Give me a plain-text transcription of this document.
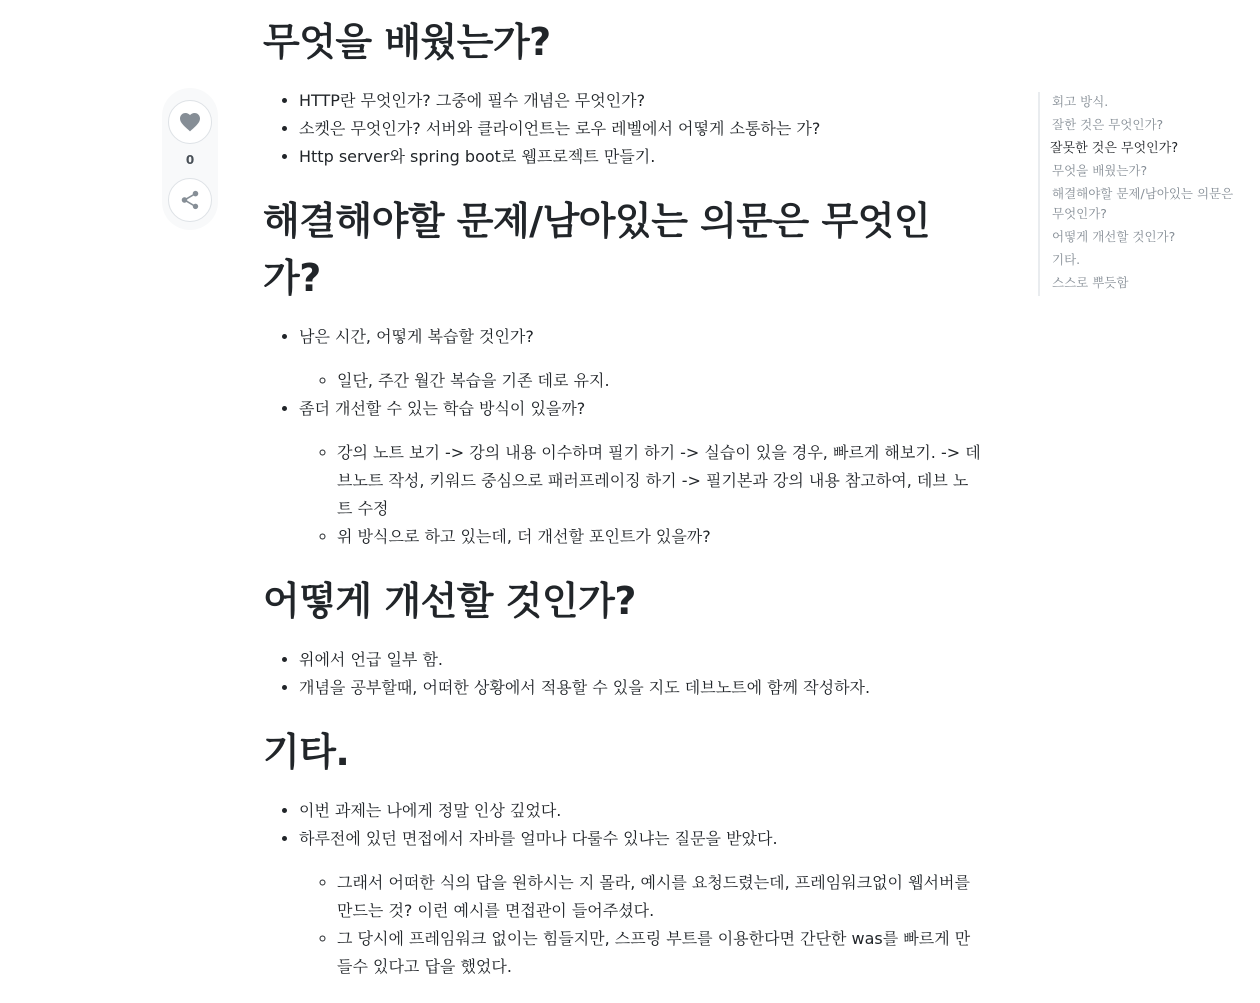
0
무엇을 배웠는가?
• HTTP란 무엇인가? 그중에 필수 개념은 무엇인가?
• 소켓은 무엇인가? 서버와 클라이언트는 로우 레벨에서 어떻게 소통하는 가?
• Http server와 spring boot로 웹프로젝트 만들기.
해결해야할 문제/남아있는 의문은 무엇인가?
• 남은 시간, 어떻게 복습할 것인가?
◦ 일단, 주간 월간 복습을 기존 데로 유지.
• 좀더 개선할 수 있는 학습 방식이 있을까?
◦ 강의 노트 보기 -> 강의 내용 이수하며 필기 하기 -> 실습이 있을 경우, 빠르게 해보기. -> 데브노트 작성, 키워드 중심으로 패러프레이징 하기 -> 필기본과 강의 내용 참고하여, 데브 노트 수정
◦ 위 방식으로 하고 있는데, 더 개선할 포인트가 있을까?
어떻게 개선할 것인가?
• 위에서 언급 일부 함.
• 개념을 공부할때, 어떠한 상황에서 적용할 수 있을 지도 데브노트에 함께 작성하자.
기타.
• 이번 과제는 나에게 정말 인상 깊었다.
• 하루전에 있던 면접에서 자바를 얼마나 다룰수 있냐는 질문을 받았다.
◦ 그래서 어떠한 식의 답을 원하시는 지 몰라, 예시를 요청드렸는데, 프레임워크없이 웹서버를 만드는 것? 이런 예시를 면접관이 들어주셨다.
◦ 그 당시에 프레임워크 없이는 힘들지만, 스프링 부트를 이용한다면 간단한 was를 빠르게 만들수 있다고 답을 했었다.
회고 방식.
잘한 것은 무엇인가?
잘못한 것은 무엇인가?
무엇을 배웠는가?
해결해야할 문제/남아있는 의문은 무엇인가?
어떻게 개선할 것인가?
기타.
스스로 뿌듯함
